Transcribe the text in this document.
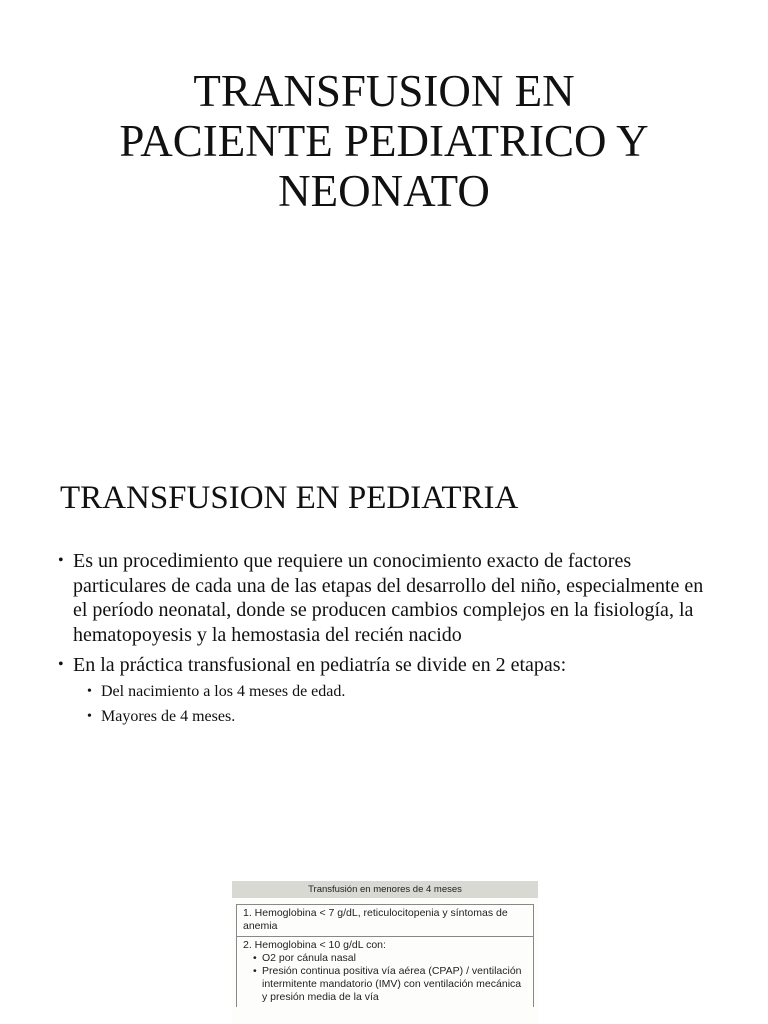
TRANSFUSION EN
PACIENTE PEDIATRICO Y
NEONATO
TRANSFUSION EN PEDIATRIA
• Es un procedimiento que requiere un conocimiento exacto de factores particulares de cada una de las etapas del desarrollo del niño, especialmente en el período neonatal, donde se producen cambios complejos en la fisiología, la hematopoyesis y la hemostasia del recién nacido
• En la práctica transfusional en pediatría se divide en 2 etapas:
• Del nacimiento a los 4 meses de edad.
• Mayores de 4 meses.
Transfusión en menores de 4 meses
1. Hemoglobina < 7 g/dL, reticulocitopenia y síntomas de anemia
2. Hemoglobina < 10 g/dL con:
• O2 por cánula nasal
• Presión continua positiva vía aérea (CPAP) / ventilación intermitente mandatorio (IMV) con ventilación mecánica y presión media de la vía
